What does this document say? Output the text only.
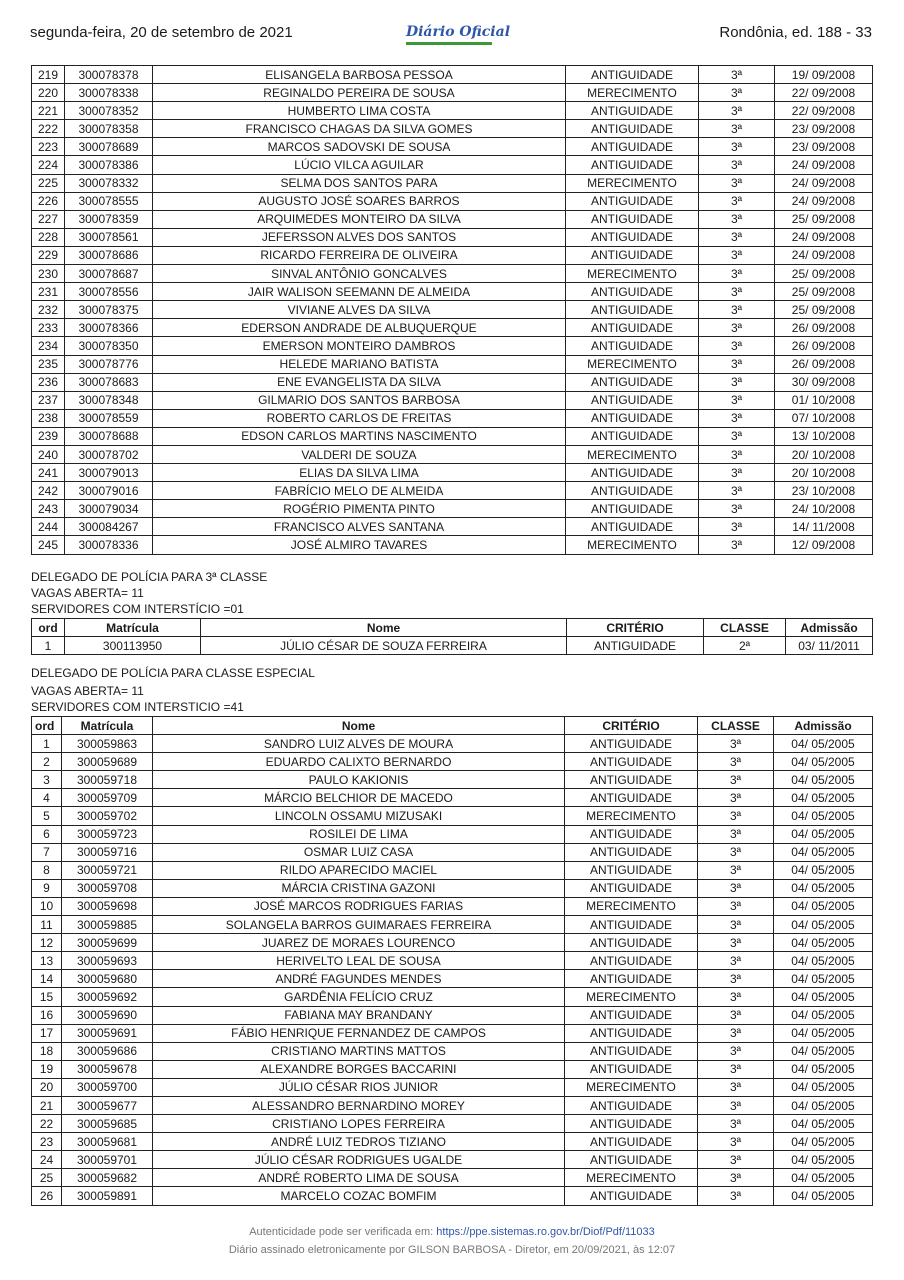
segunda-feira, 20 de setembro de 2021	Diário Oficial	Rondônia, ed. 188 - 33
219	300078378	ELISANGELA BARBOSA PESSOA	ANTIGUIDADE	3ª	19/ 09/2008
220	300078338	REGINALDO PEREIRA DE SOUSA	MERECIMENTO	3ª	22/ 09/2008
221	300078352	HUMBERTO LIMA COSTA	ANTIGUIDADE	3ª	22/ 09/2008
222	300078358	FRANCISCO CHAGAS DA SILVA GOMES	ANTIGUIDADE	3ª	23/ 09/2008
223	300078689	MARCOS SADOVSKI DE SOUSA	ANTIGUIDADE	3ª	23/ 09/2008
224	300078386	LÚCIO VILCA AGUILAR	ANTIGUIDADE	3ª	24/ 09/2008
225	300078332	SELMA DOS SANTOS PARA	MERECIMENTO	3ª	24/ 09/2008
226	300078555	AUGUSTO JOSÉ SOARES BARROS	ANTIGUIDADE	3ª	24/ 09/2008
227	300078359	ARQUIMEDES MONTEIRO DA SILVA	ANTIGUIDADE	3ª	25/ 09/2008
228	300078561	JEFERSSON ALVES DOS SANTOS	ANTIGUIDADE	3ª	24/ 09/2008
229	300078686	RICARDO FERREIRA DE OLIVEIRA	ANTIGUIDADE	3ª	24/ 09/2008
230	300078687	SINVAL ANTÔNIO GONCALVES	MERECIMENTO	3ª	25/ 09/2008
231	300078556	JAIR WALISON SEEMANN DE ALMEIDA	ANTIGUIDADE	3ª	25/ 09/2008
232	300078375	VIVIANE ALVES DA SILVA	ANTIGUIDADE	3ª	25/ 09/2008
233	300078366	EDERSON ANDRADE DE ALBUQUERQUE	ANTIGUIDADE	3ª	26/ 09/2008
234	300078350	EMERSON MONTEIRO DAMBROS	ANTIGUIDADE	3ª	26/ 09/2008
235	300078776	HELEDE MARIANO BATISTA	MERECIMENTO	3ª	26/ 09/2008
236	300078683	ENE EVANGELISTA DA SILVA	ANTIGUIDADE	3ª	30/ 09/2008
237	300078348	GILMARIO DOS SANTOS BARBOSA	ANTIGUIDADE	3ª	01/ 10/2008
238	300078559	ROBERTO CARLOS DE FREITAS	ANTIGUIDADE	3ª	07/ 10/2008
239	300078688	EDSON CARLOS MARTINS NASCIMENTO	ANTIGUIDADE	3ª	13/ 10/2008
240	300078702	VALDERI DE SOUZA	MERECIMENTO	3ª	20/ 10/2008
241	300079013	ELIAS DA SILVA LIMA	ANTIGUIDADE	3ª	20/ 10/2008
242	300079016	FABRÍCIO MELO DE ALMEIDA	ANTIGUIDADE	3ª	23/ 10/2008
243	300079034	ROGÉRIO PIMENTA PINTO	ANTIGUIDADE	3ª	24/ 10/2008
244	300084267	FRANCISCO ALVES SANTANA	ANTIGUIDADE	3ª	14/ 11/2008
245	300078336	JOSÉ ALMIRO TAVARES	MERECIMENTO	3ª	12/ 09/2008
DELEGADO DE POLÍCIA PARA 3ª CLASSE
VAGAS ABERTA= 11
SERVIDORES COM INTERSTÍCIO =01
ord	Matrícula	Nome	CRITÉRIO	CLASSE	Admissão
1	300113950	JÚLIO CÉSAR DE SOUZA FERREIRA	ANTIGUIDADE	2ª	03/ 11/2011
DELEGADO DE POLÍCIA PARA CLASSE ESPECIAL
VAGAS ABERTA= 11
SERVIDORES COM INTERSTICIO =41
ord	Matrícula	Nome	CRITÉRIO	CLASSE	Admissão
1	300059863	SANDRO LUIZ ALVES DE MOURA	ANTIGUIDADE	3ª	04/ 05/2005
2	300059689	EDUARDO CALIXTO BERNARDO	ANTIGUIDADE	3ª	04/ 05/2005
3	300059718	PAULO KAKIONIS	ANTIGUIDADE	3ª	04/ 05/2005
4	300059709	MÁRCIO BELCHIOR DE MACEDO	ANTIGUIDADE	3ª	04/ 05/2005
5	300059702	LINCOLN OSSAMU MIZUSAKI	MERECIMENTO	3ª	04/ 05/2005
6	300059723	ROSILEI DE LIMA	ANTIGUIDADE	3ª	04/ 05/2005
7	300059716	OSMAR LUIZ CASA	ANTIGUIDADE	3ª	04/ 05/2005
8	300059721	RILDO APARECIDO MACIEL	ANTIGUIDADE	3ª	04/ 05/2005
9	300059708	MÁRCIA CRISTINA GAZONI	ANTIGUIDADE	3ª	04/ 05/2005
10	300059698	JOSÉ MARCOS RODRIGUES FARIAS	MERECIMENTO	3ª	04/ 05/2005
11	300059885	SOLANGELA BARROS GUIMARAES FERREIRA	ANTIGUIDADE	3ª	04/ 05/2005
12	300059699	JUAREZ DE MORAES LOURENCO	ANTIGUIDADE	3ª	04/ 05/2005
13	300059693	HERIVELTO LEAL DE SOUSA	ANTIGUIDADE	3ª	04/ 05/2005
14	300059680	ANDRÉ FAGUNDES MENDES	ANTIGUIDADE	3ª	04/ 05/2005
15	300059692	GARDÊNIA FELÍCIO CRUZ	MERECIMENTO	3ª	04/ 05/2005
16	300059690	FABIANA MAY BRANDANY	ANTIGUIDADE	3ª	04/ 05/2005
17	300059691	FÁBIO HENRIQUE FERNANDEZ DE CAMPOS	ANTIGUIDADE	3ª	04/ 05/2005
18	300059686	CRISTIANO MARTINS MATTOS	ANTIGUIDADE	3ª	04/ 05/2005
19	300059678	ALEXANDRE BORGES BACCARINI	ANTIGUIDADE	3ª	04/ 05/2005
20	300059700	JÚLIO CÉSAR RIOS JUNIOR	MERECIMENTO	3ª	04/ 05/2005
21	300059677	ALESSANDRO BERNARDINO MOREY	ANTIGUIDADE	3ª	04/ 05/2005
22	300059685	CRISTIANO LOPES FERREIRA	ANTIGUIDADE	3ª	04/ 05/2005
23	300059681	ANDRÉ LUIZ TEDROS TIZIANO	ANTIGUIDADE	3ª	04/ 05/2005
24	300059701	JÚLIO CÉSAR RODRIGUES UGALDE	ANTIGUIDADE	3ª	04/ 05/2005
25	300059682	ANDRÉ ROBERTO LIMA DE SOUSA	MERECIMENTO	3ª	04/ 05/2005
26	300059891	MARCELO COZAC BOMFIM	ANTIGUIDADE	3ª	04/ 05/2005
Autenticidade pode ser verificada em: https://ppe.sistemas.ro.gov.br/Diof/Pdf/11033
Diário assinado eletronicamente por GILSON BARBOSA - Diretor, em 20/09/2021, às 12:07
